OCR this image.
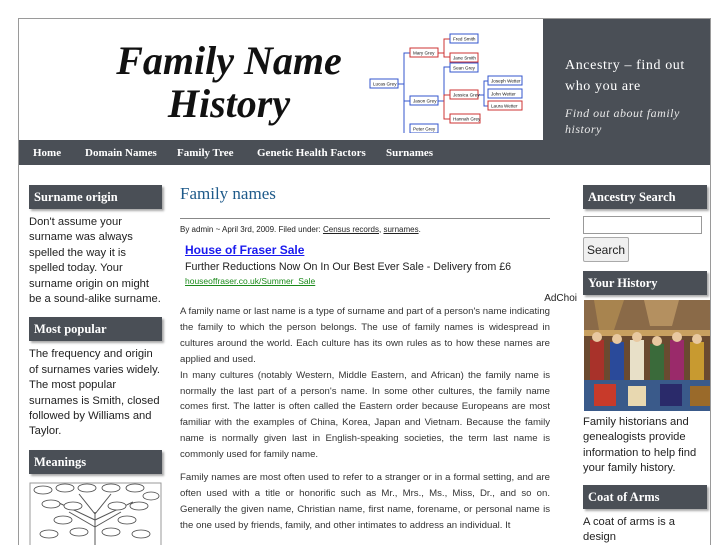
Family Name
History
Mary Grey
Fred Smith
Jane Smith
Sean Grey
Lucas Grey
Jason Grey
Jessica Grey
Joseph Wetter
John Wetter
Laura Wetter
Hannah Grey
Peter Grey
Ancestry – find out
who you are
Find out about family
history
Home Domain Names Family Tree Genetic Health Factors Surnames
Surname origin
Don't assume your surname was always spelled the way it is spelled today. Your surname origin on might be a sound-alike surname.
Most popular
The frequency and origin of surnames varies widely. The most popular surnames is Smith, closed followed by Williams and Taylor.
Meanings
Family names
By admin ~ April 3rd, 2009. Filed under: Census records, surnames.
House of Fraser Sale
Further Reductions Now On In Our Best Ever Sale - Delivery from £6
houseoffraser.co.uk/Summer_Sale
AdChoi
A family name or last name is a type of surname and part of a person's name indicating the family to which the person belongs. The use of family names is widespread in cultures around the world. Each culture has its own rules as to how these names are applied and used.
In many cultures (notably Western, Middle Eastern, and African) the family name is normally the last part of a person's name. In some other cultures, the family name comes first. The latter is often called the Eastern order because Europeans are most familiar with the examples of China, Korea, Japan and Vietnam. Because the family name is normally given last in English-speaking societies, the term last name is commonly used for family name.
Family names are most often used to refer to a stranger or in a formal setting, and are often used with a title or honorific such as Mr., Mrs., Ms., Miss, Dr., and so on. Generally the given name, Christian name, first name, forename, or personal name is the one used by friends, family, and other intimates to address an individual. It
Ancestry Search
Search
Your History
Family historians and genealogists provide information to help find your family history.
Coat of Arms
A coat of arms is a design
